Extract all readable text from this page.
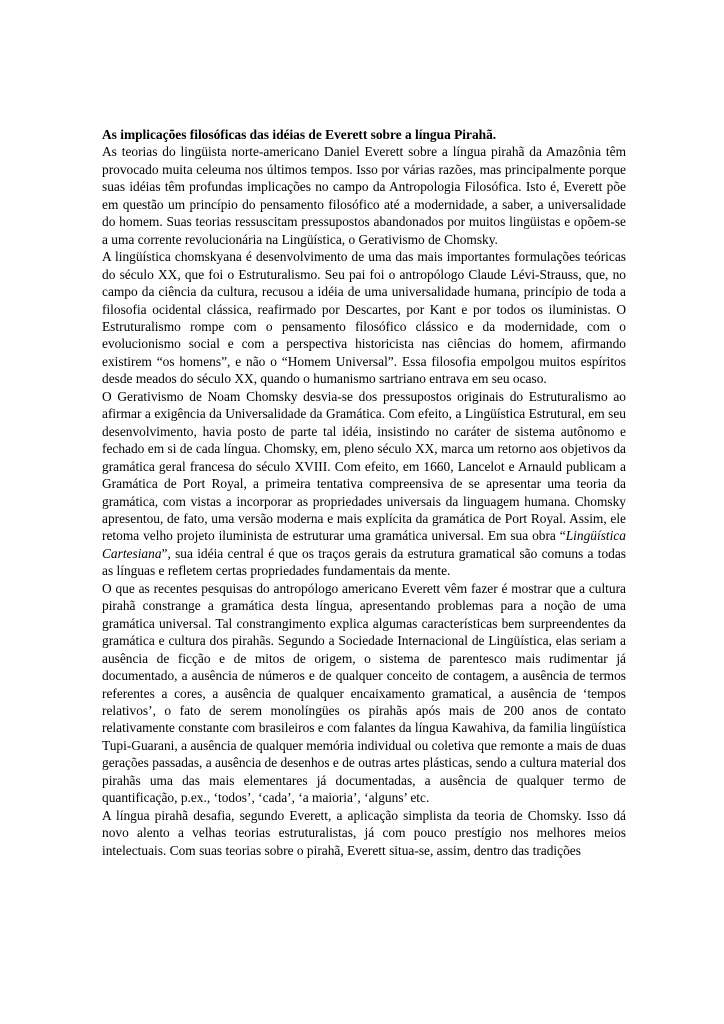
As implicações filosóficas das idéias de Everett sobre a língua Pirahã.

As teorias do lingüista norte-americano Daniel Everett sobre a língua pirahã da Amazônia têm provocado muita celeuma nos últimos tempos. Isso por várias razões, mas principalmente porque suas idéias têm profundas implicações no campo da Antropologia Filosófica. Isto é, Everett põe em questão um princípio do pensamento filosófico até a modernidade, a saber, a universalidade do homem. Suas teorias ressuscitam pressupostos abandonados por muitos lingüistas e opõem-se a uma corrente revolucionária na Lingüística, o Gerativismo de Chomsky.

A lingüística chomskyana é desenvolvimento de uma das mais importantes formulações teóricas do século XX, que foi o Estruturalismo. Seu pai foi o antropólogo Claude Lévi-Strauss, que, no campo da ciência da cultura, recusou a idéia de uma universalidade humana, princípio de toda a filosofia ocidental clássica, reafirmado por Descartes, por Kant e por todos os iluministas. O Estruturalismo rompe com o pensamento filosófico clássico e da modernidade, com o evolucionismo social e com a perspectiva historicista nas ciências do homem, afirmando existirem “os homens”, e não o “Homem Universal”. Essa filosofia empolgou muitos espíritos desde meados do século XX, quando o humanismo sartriano entrava em seu ocaso.

O Gerativismo de Noam Chomsky desvia-se dos pressupostos originais do Estruturalismo ao afirmar a exigência da Universalidade da Gramática. Com efeito, a Lingüística Estrutural, em seu desenvolvimento, havia posto de parte tal idéia, insistindo no caráter de sistema autônomo e fechado em si de cada língua. Chomsky, em, pleno século XX, marca um retorno aos objetivos da gramática geral francesa do século XVIII. Com efeito, em 1660, Lancelot e Arnauld publicam a Gramática de Port Royal, a primeira tentativa compreensiva de se apresentar uma teoria da gramática, com vistas a incorporar as propriedades universais da linguagem humana. Chomsky apresentou, de fato, uma versão moderna e mais explícita da gramática de Port Royal. Assim, ele retoma velho projeto iluminista de estruturar uma gramática universal. Em sua obra “Lingüística Cartesiana”, sua idéia central é que os traços gerais da estrutura gramatical são comuns a todas as línguas e refletem certas propriedades fundamentais da mente.

O que as recentes pesquisas do antropólogo americano Everett vêm fazer é mostrar que a cultura pirahã constrange a gramática desta língua, apresentando problemas para a noção de uma gramática universal. Tal constrangimento explica algumas características bem surpreendentes da gramática e cultura dos pirahãs. Segundo a Sociedade Internacional de Lingüística, elas seriam a ausência de ficção e de mitos de origem, o sistema de parentesco mais rudimentar já documentado, a ausência de números e de qualquer conceito de contagem, a ausência de termos referentes a cores, a ausência de qualquer encaixamento gramatical, a ausência de ‘tempos relativos’, o fato de serem monolíngües os pirahãs após mais de 200 anos de contato relativamente constante com brasileiros e com falantes da língua Kawahiva, da familia lingüística Tupi-Guarani, a ausência de qualquer memória individual ou coletiva que remonte a mais de duas gerações passadas, a ausência de desenhos e de outras artes plásticas, sendo a cultura material dos pirahãs uma das mais elementares já documentadas, a ausência de qualquer termo de quantificação, p.ex., ‘todos’, ‘cada’, ‘a maioria’, ‘alguns’ etc.

A língua pirahã desafia, segundo Everett, a aplicação simplista da teoria de Chomsky. Isso dá novo alento a velhas teorias estruturalistas, já com pouco prestígio nos melhores meios intelectuais. Com suas teorias sobre o pirahã, Everett situa-se, assim, dentro das tradições
